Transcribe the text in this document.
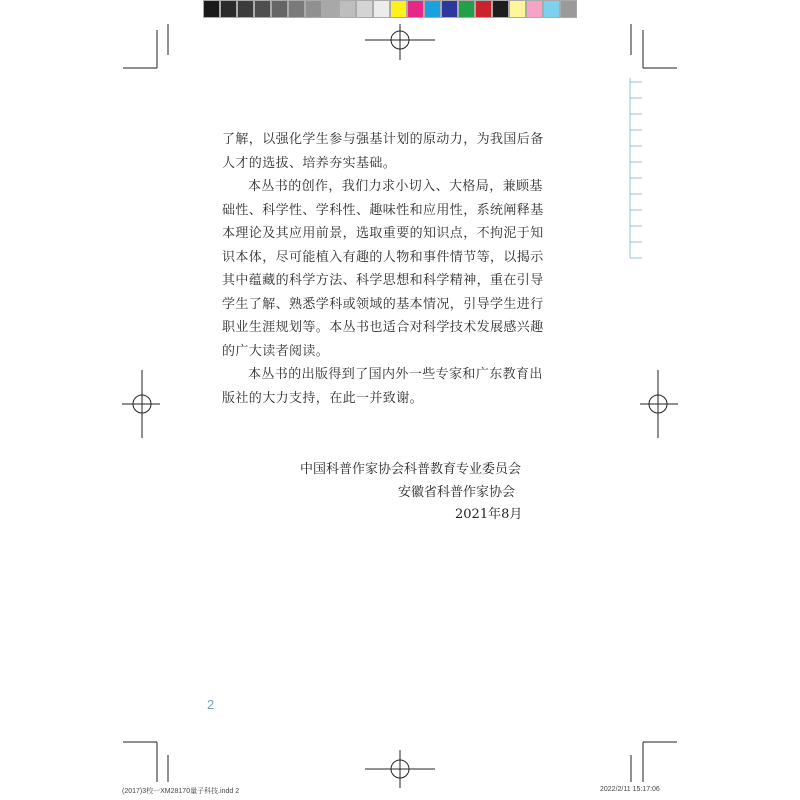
了解，以强化学生参与强基计划的原动力，为我国后备人才的选拔、培养夯实基础。

本丛书的创作，我们力求小切入、大格局，兼顾基础性、科学性、学科性、趣味性和应用性，系统阐释基本理论及其应用前景，选取重要的知识点，不拘泥于知识本体，尽可能植入有趣的人物和事件情节等，以揭示其中蕴藏的科学方法、科学思想和科学精神，重在引导学生了解、熟悉学科或领域的基本情况，引导学生进行职业生涯规划等。本丛书也适合对科学技术发展感兴趣的广大读者阅读。

本丛书的出版得到了国内外一些专家和广东教育出版社的大力支持，在此一并致谢。

中国科普作家协会科普教育专业委员会
安徽省科普作家协会
2021年8月
2
(2017)3校一XM28170量子科技.indd 2	2022/2/11 15:17:06
